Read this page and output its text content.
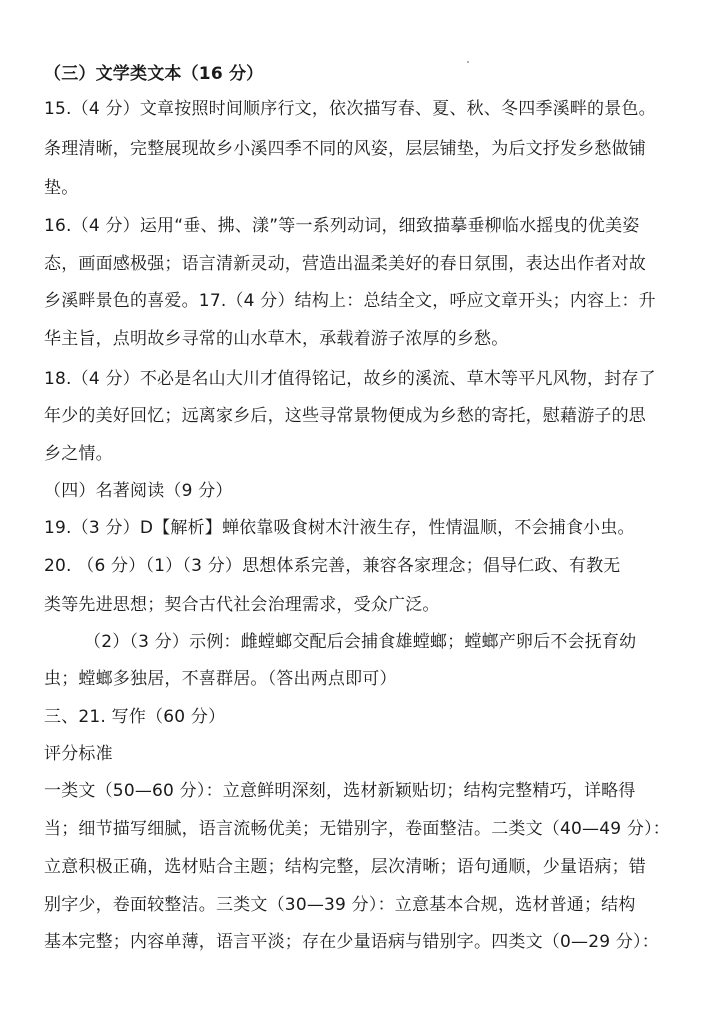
（三）文学类文本（16 分）
15.（4 分）文章按照时间顺序行文，依次描写春、夏、秋、冬四季溪畔的景色。
条理清晰，完整展现故乡小溪四季不同的风姿，层层铺垫，为后文抒发乡愁做铺
垫。
16.（4 分）运用“垂、拂、漾”等一系列动词，细致描摹垂柳临水摇曳的优美姿
态，画面感极强；语言清新灵动，营造出温柔美好的春日氛围，表达出作者对故
乡溪畔景色的喜爱。17.（4 分）结构上：总结全文，呼应文章开头；内容上：升
华主旨，点明故乡寻常的山水草木，承载着游子浓厚的乡愁。
18.（4 分）不必是名山大川才值得铭记，故乡的溪流、草木等平凡风物，封存了
年少的美好回忆；远离家乡后，这些寻常景物便成为乡愁的寄托，慰藉游子的思
乡之情。
（四）名著阅读（9 分）
19.（3 分）D【解析】蝉依靠吸食树木汁液生存，性情温顺，不会捕食小虫。
20. （6 分）（1）（3 分）思想体系完善，兼容各家理念；倡导仁政、有教无
类等先进思想；契合古代社会治理需求，受众广泛。
（2）（3 分）示例：雌螳螂交配后会捕食雄螳螂；螳螂产卵后不会抚育幼
虫；螳螂多独居，不喜群居。（答出两点即可）
三、21. 写作（60 分）
评分标准
一类文（50—60 分）：立意鲜明深刻，选材新颖贴切；结构完整精巧，详略得
当；细节描写细腻，语言流畅优美；无错别字，卷面整洁。二类文（40—49 分）：
立意积极正确，选材贴合主题；结构完整，层次清晰；语句通顺，少量语病；错
别字少，卷面较整洁。三类文（30—39 分）：立意基本合规，选材普通；结构
基本完整；内容单薄，语言平淡；存在少量语病与错别字。四类文（0—29 分）：
